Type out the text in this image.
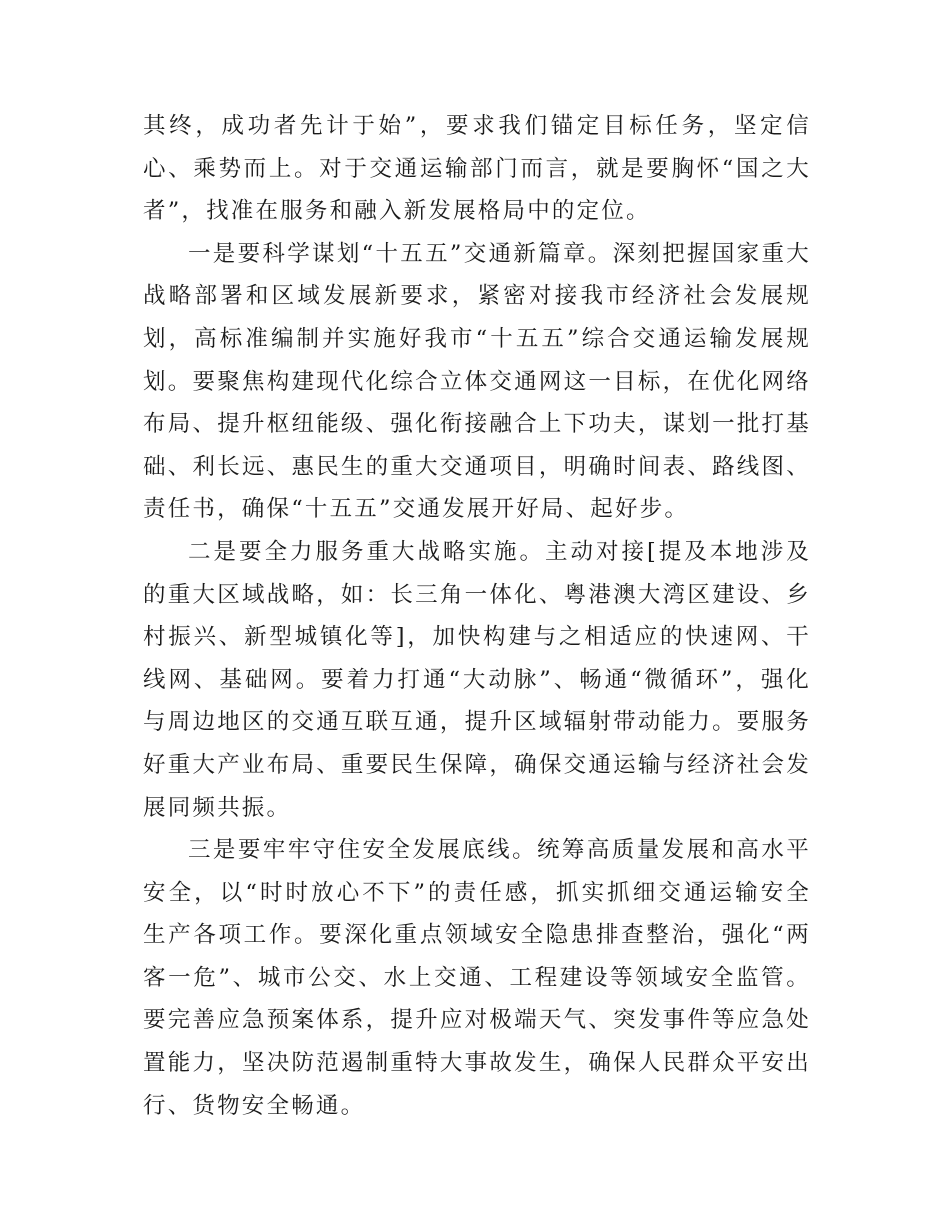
其终，成功者先计于始”，要求我们锚定目标任务，坚定信心、乘势而上。对于交通运输部门而言，就是要胸怀“国之大者”，找准在服务和融入新发展格局中的定位。

一是要科学谋划“十五五”交通新篇章。深刻把握国家重大战略部署和区域发展新要求，紧密对接我市经济社会发展规划，高标准编制并实施好我市“十五五”综合交通运输发展规划。要聚焦构建现代化综合立体交通网这一目标，在优化网络布局、提升枢纽能级、强化衔接融合上下功夫，谋划一批打基础、利长远、惠民生的重大交通项目，明确时间表、路线图、责任书，确保“十五五”交通发展开好局、起好步。

二是要全力服务重大战略实施。主动对接[提及本地涉及的重大区域战略，如：长三角一体化、粤港澳大湾区建设、乡村振兴、新型城镇化等]，加快构建与之相适应的快速网、干线网、基础网。要着力打通“大动脉”、畅通“微循环”，强化与周边地区的交通互联互通，提升区域辐射带动能力。要服务好重大产业布局、重要民生保障，确保交通运输与经济社会发展同频共振。

三是要牢牢守住安全发展底线。统筹高质量发展和高水平安全，以“时时放心不下”的责任感，抓实抓细交通运输安全生产各项工作。要深化重点领域安全隐患排查整治，强化“两客一危”、城市公交、水上交通、工程建设等领域安全监管。要完善应急预案体系，提升应对极端天气、突发事件等应急处置能力，坚决防范遏制重特大事故发生，确保人民群众平安出行、货物安全畅通。
